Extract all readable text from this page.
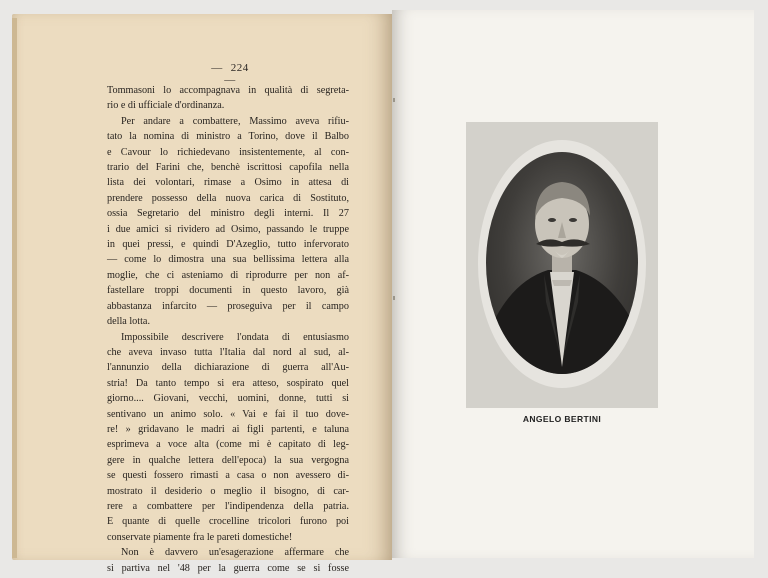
— 224—
Tommasoni lo accompagnava in qualità di segreta-
rio e di ufficiale d'ordinanza.
Per andare a combattere, Massimo aveva rifiu-
tato la nomina di ministro a Torino, dove il Balbo
e Cavour lo richiedevano insistentemente, al con-
trario del Farini che, benchè iscrittosi capofila nella
lista dei volontari, rimase a Osimo in attesa di
prendere possesso della nuova carica di Sostituto,
ossia Segretario del ministro degli interni. Il 27
i due amici si rividero ad Osimo, passando le truppe
in quei pressi, e quindi D'Azeglio, tutto infervorato
— come lo dimostra una sua bellissima lettera alla
moglie, che ci asteniamo di riprodurre per non af-
fastellare troppi documenti in questo lavoro, già
abbastanza infarcito — proseguiva per il campo
della lotta.
Impossibile descrivere l'ondata di entusiasmo
che aveva invaso tutta l'Italia dal nord al sud, al-
l'annunzio della dichiarazione di guerra all'Au-
stria! Da tanto tempo si era atteso, sospirato quel
giorno.... Giovani, vecchi, uomini, donne, tutti si
sentivano un animo solo. « Vai e fai il tuo dove-
re! » gridavano le madri ai figli partenti, e taluna
esprimeva a voce alta (come mi è capitato di leg-
gere in qualche lettera dell'epoca) la sua vergogna
se questi fossero rimasti a casa o non avessero di-
mostrato il desiderio o meglio il bisogno, di car-
rere a combattere per l'indipendenza della patria.
E quante di quelle crocelline tricolori furono poi
conservate piamente fra le pareti domestiche!
Non è davvero un'esagerazione affermare che
si partiva nel '48 per la guerra come se si fosse
ANGELO BERTINI
